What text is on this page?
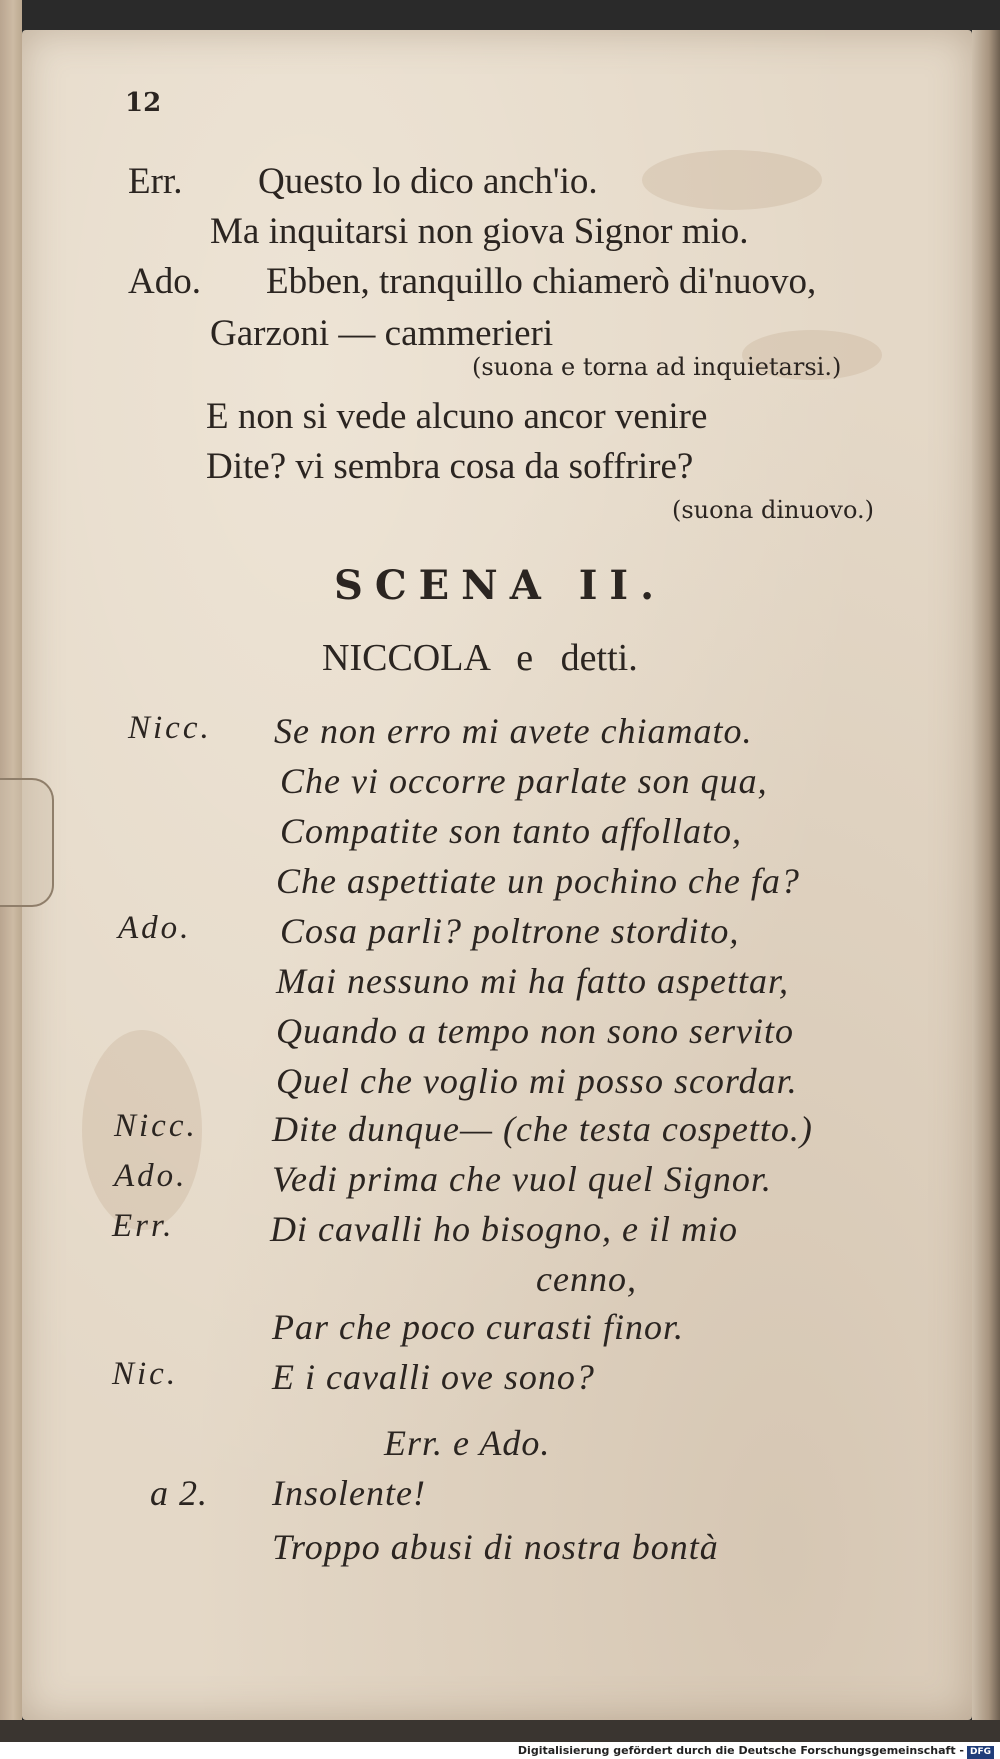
12
Err. Questo lo dico anch'io.
Ma inquitarsi non giova Signor mio.
Ado. Ebben, tranquillo chiamerò di'nuovo,
Garzoni — cammerieri
(suona e torna ad inquietarsi.)
E non si vede alcuno ancor venire
Dite? vi sembra cosa da soffrire?
(suona dinuovo.)
SCENA II.
NICCOLA e detti.
Nicc. Se non erro mi avete chiamato.
Che vi occorre parlate son qua,
Compatite son tanto affollato,
Che aspettiate un pochino che fa?
Ado. Cosa parli? poltrone stordito,
Mai nessuno mi ha fatto aspettar,
Quando a tempo non sono servito
Quel che voglio mi posso scordar.
Nicc. Dite dunque— (che testa cospetto.)
Ado. Vedi prima che vuol quel Signor.
Err.	Di cavalli ho bisogno, e il mio
cenno,
Par che poco curasti finor.
Nic.	E i cavalli ove sono?
Err. e Ado.
a 2. Insolente!
Troppo abusi di nostra bontà
Digitalisierung gefördert durch die Deutsche Forschungsgemeinschaft - DFG
